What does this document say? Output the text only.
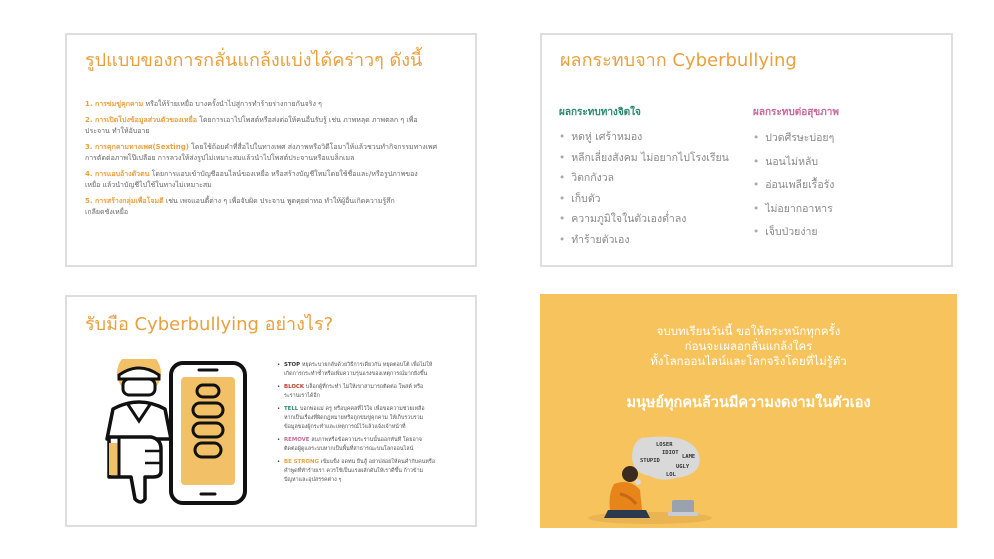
รูปแบบของการกลั่นแกล้งแบ่งได้คร่าวๆ ดังนี้
1. การข่มขู่คุกคาม หรือให้ร้ายเหยื่อ บางครั้งนำไปสู่การทำร้ายร่างกายกันจริง ๆ
2. การเปิดโปงข้อมูลส่วนตัวของเหยื่อ โดยการเอาไปโพสต์หรือส่งต่อให้คนอื่นรับรู้ เช่น ภาพหลุด ภาพตลก ๆ เพื่อ
ประจาน ทำให้อับอาย
3. การคุกคามทางเพศ(Sexting) โดยใช้ถ้อยคำที่สื่อไปในทางเพศ ส่งภาพหรือวิดีโอมาให้แล้วชวนทำกิจกรรมทางเพศ
การตัดต่อภาพโป๊เปลือย การลวงให้ส่งรูปไม่เหมาะสมแล้วนำไปโพสต์ประจานหรือแบล็กเมล
4. การแอบอ้างตัวตน โดยการแอบเข้าบัญชีออนไลน์ของเหยื่อ หรือสร้างบัญชีใหม่โดยใช้ชื่อและ/หรือรูปภาพของ
เหยื่อ แล้วนำบัญชีไปใช้ในทางไม่เหมาะสม
5. การสร้างกลุ่มเพื่อโจมตี เช่น เพจแอนตี้ต่าง ๆ เพื่อจับผิด ประจาน พูดคุยด่าทอ ทำให้ผู้อื่นเกิดความรู้สึก
เกลียดชังเหยื่อ
ผลกระทบจาก Cyberbullying
ผลกระทบทางจิตใจ
• หดหู่ เศร้าหมอง
• หลีกเลี่ยงสังคม ไม่อยากไปโรงเรียน
• วิตกกังวล
• เก็บตัว
• ความภูมิใจในตัวเองต่ำลง
• ทำร้ายตัวเอง
ผลกระทบต่อสุขภาพ
• ปวดศีรษะบ่อยๆ
• นอนไม่หลับ
• อ่อนเพลียเรื้อรัง
• ไม่อยากอาหาร
• เจ็บป่วยง่าย
รับมือ Cyberbullying อย่างไร?
• STOP หยุดระบายกลับด้วยวิธีการเดียวกัน หยุดตอบโต้ เพื่อไม่ให้
เกิดการกระทำซ้ำหรือเพิ่มความรุนแรงของเหตุการณ์มากยิ่งขึ้น
• BLOCK บล็อกผู้ที่กระทำ ไม่ให้เขาสามารถติดต่อ โพสต์ หรือ
ระรานเราได้อีก
• TELL บอกพ่อแม่ ครู หรือบุคคลที่ไว้ใจ เพื่อขอความช่วยเหลือ
หากเป็นเรื่องที่ผิดกฎหมายหรือถูกข่มขู่คุกคาม ให้เก็บรวบรวม
ข้อมูลของผู้กระทำและเหตุการณ์ไว้แล้วแจ้งเจ้าหน้าที่
• REMOVE ลบภาพหรือข้อความระรานนั้นออกทันที โดยอาจ
ติดต่อผู้ดูแลระบบหากเป็นพื้นที่สาธารณะบนโลกออนไลน์
• BE STRONG เข้มแข็ง อดทน ยืนสู้ อย่าปล่อยให้คนคำกับคนหรือ
คำพูดที่ทำร้ายเรา ควรใช้เป็นแรงผลักดันให้เราดีขึ้น ก้าวข้าม
ปัญหาและอุปสรรคต่าง ๆ
จบบทเรียนวันนี้ ขอให้ตระหนักทุกครั้ง
ก่อนจะเผลอกลั่นแกล้งใคร
ทั้งโลกออนไลน์และโลกจริงโดยที่ไม่รู้ตัว
มนุษย์ทุกคนล้วนมีความงดงามในตัวเอง
LOSER
IDIOT
LAME
STUPID
UGLY
LOL
